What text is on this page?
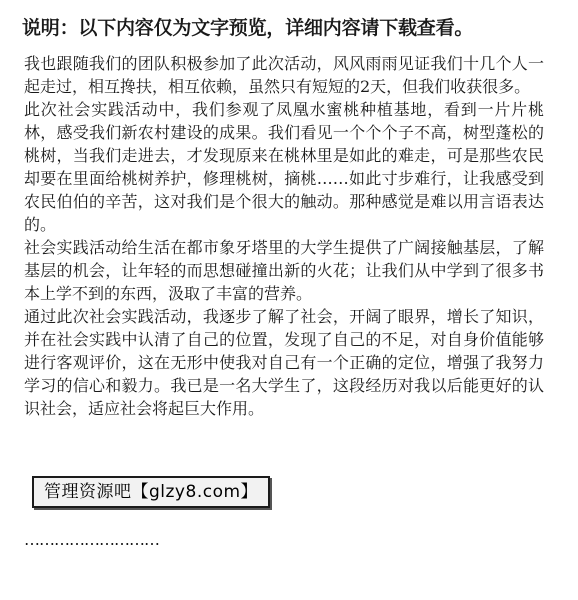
说明：以下内容仅为文字预览，详细内容请下载查看。

我也跟随我们的团队积极参加了此次活动，风风雨雨见证我们十几个人一起走过，相互搀扶，相互依赖，虽然只有短短的2天，但我们收获很多。

此次社会实践活动中，我们参观了凤凰水蜜桃种植基地，看到一片片桃林，感受我们新农村建设的成果。我们看见一个个个子不高，树型蓬松的桃树，当我们走进去，才发现原来在桃林里是如此的难走，可是那些农民却要在里面给桃树养护，修理桃树，摘桃……如此寸步难行，让我感受到农民伯伯的辛苦，这对我们是个很大的触动。那种感觉是难以用言语表达的。

社会实践活动给生活在都市象牙塔里的大学生提供了广阔接触基层，了解基层的机会，让年轻的而思想碰撞出新的火花；让我们从中学到了很多书本上学不到的东西，汲取了丰富的营养。

通过此次社会实践活动，我逐步了解了社会，开阔了眼界，增长了知识，并在社会实践中认清了自己的位置，发现了自己的不足，对自身价值能够进行客观评价，这在无形中使我对自己有一个正确的定位，增强了我努力学习的信心和毅力。我已是一名大学生了，这段经历对我以后能更好的认识社会，适应社会将起巨大作用。

………………………
管理资源吧【glzy8.com】
